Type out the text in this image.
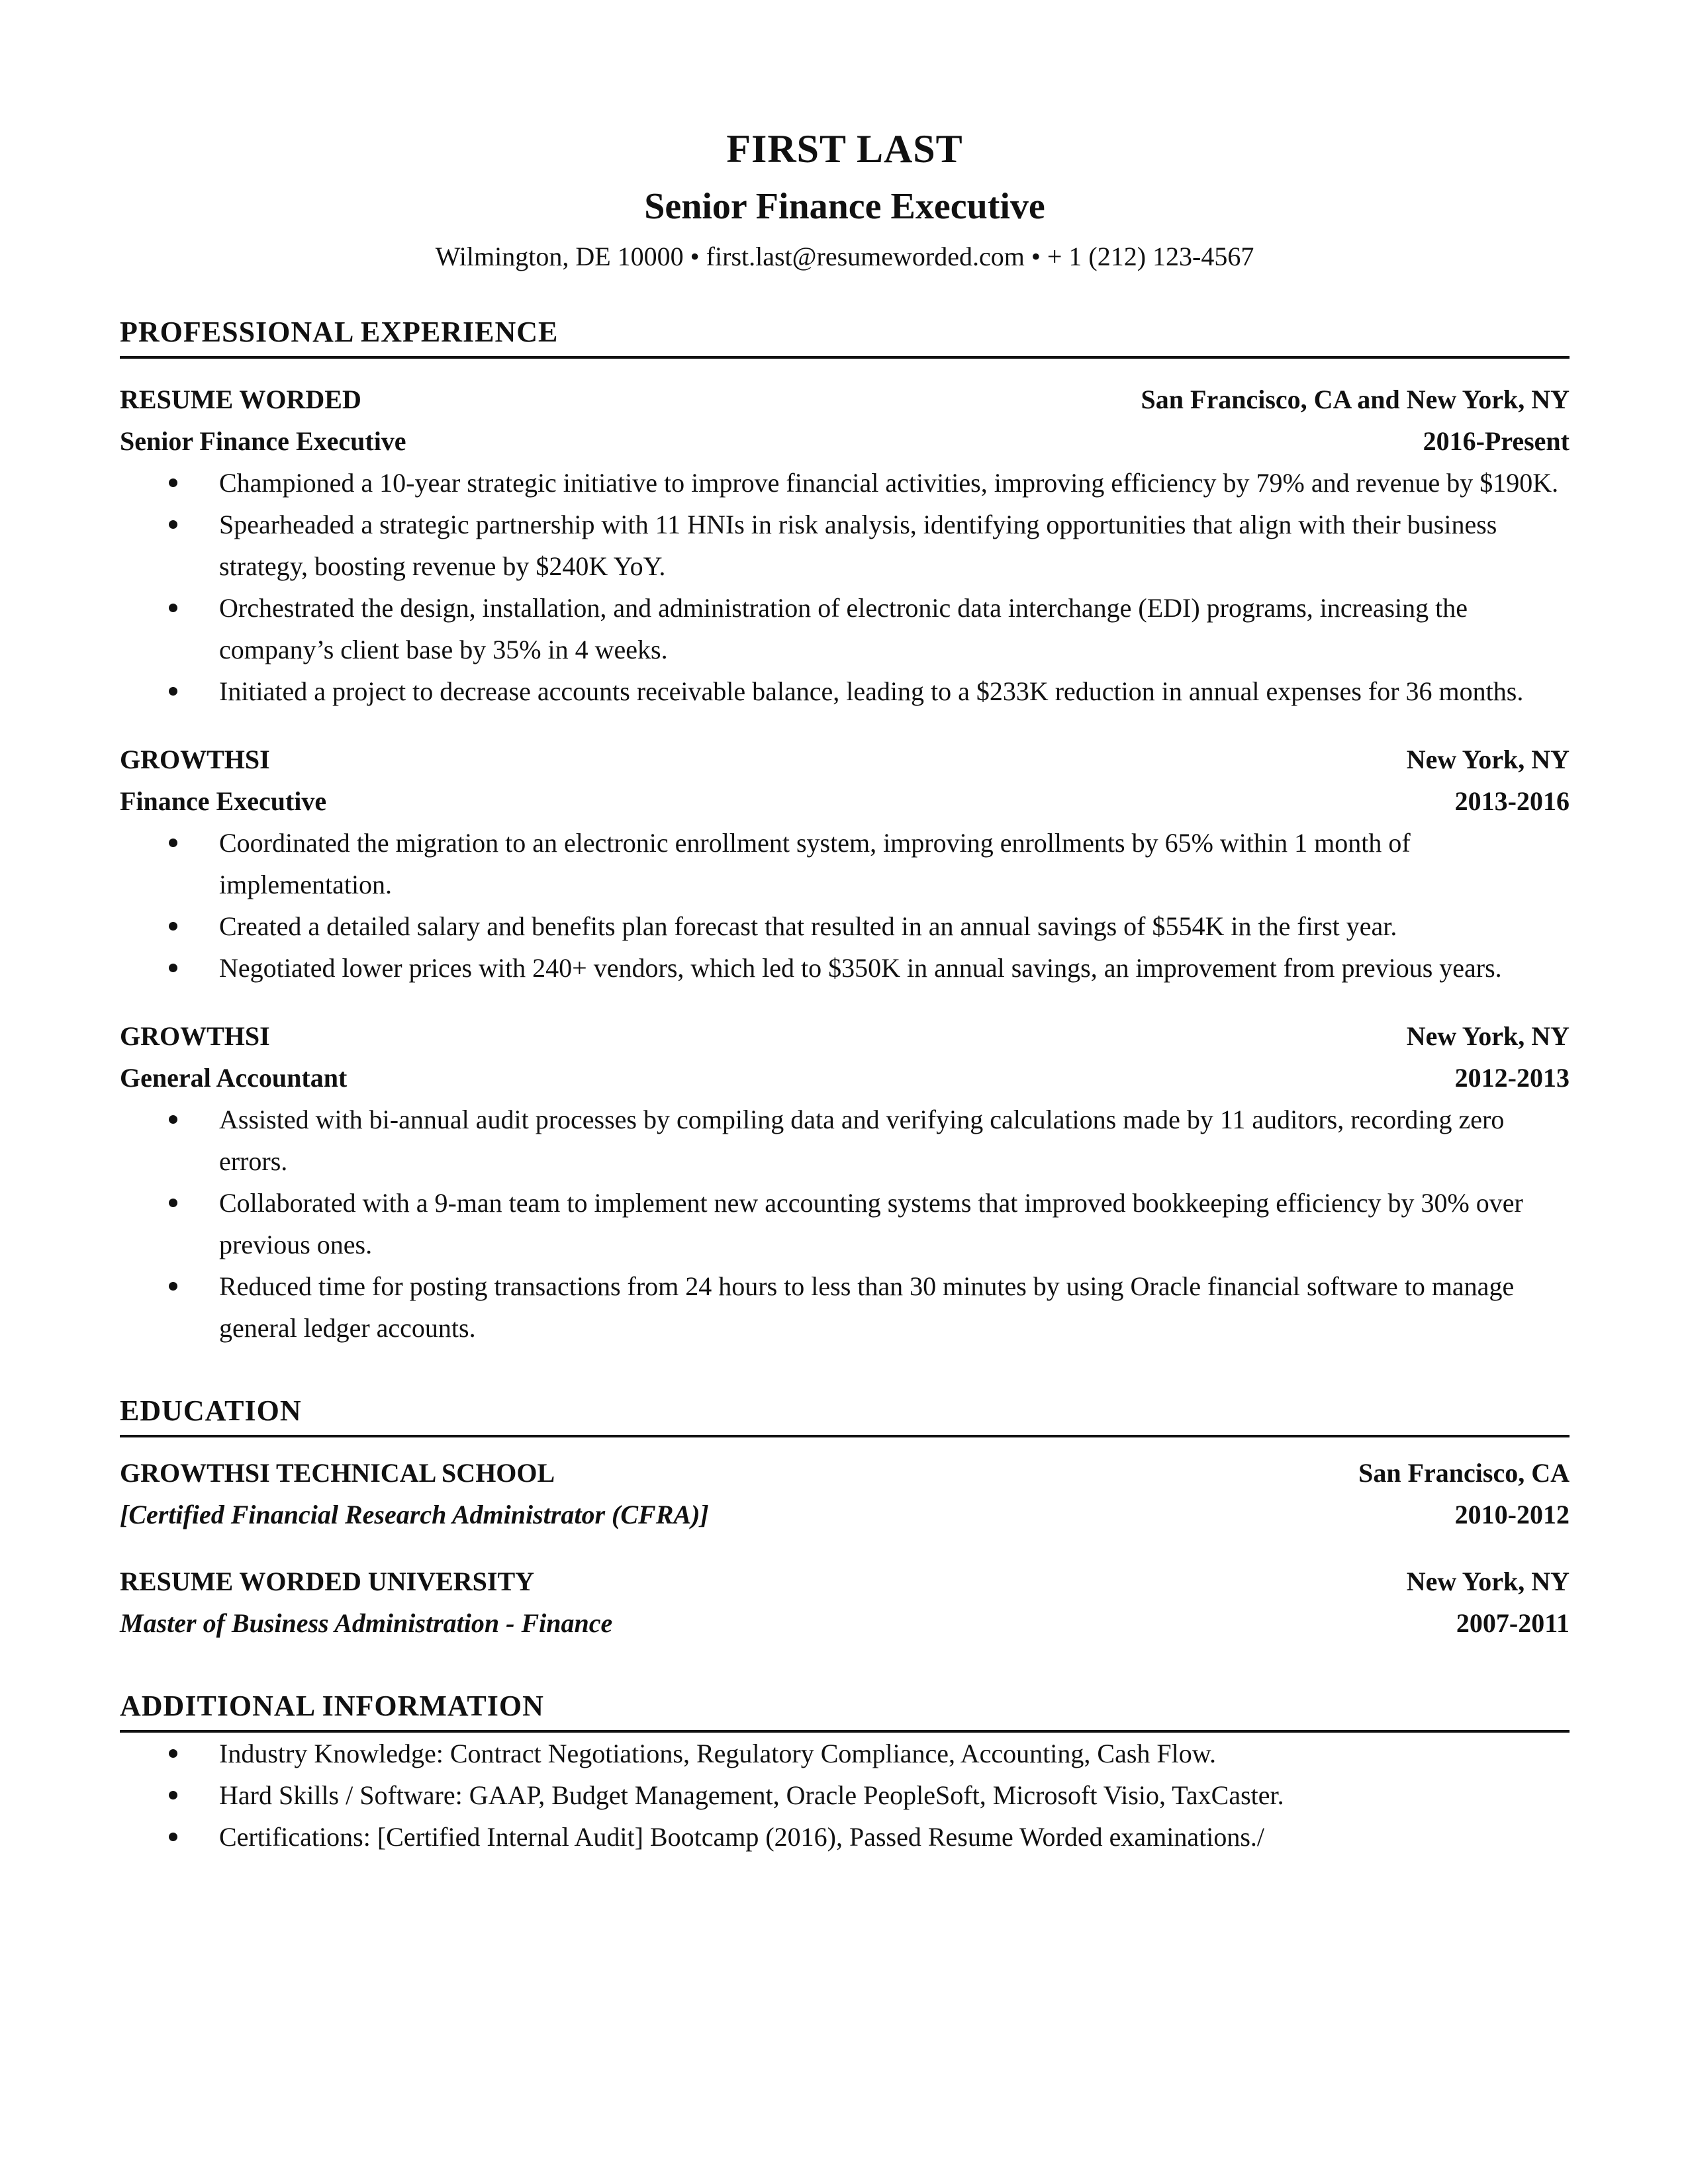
FIRST LAST
Senior Finance Executive
Wilmington, DE 10000 • first.last@resumeworded.com • + 1 (212) 123-4567
PROFESSIONAL EXPERIENCE
RESUME WORDED	San Francisco, CA and New York, NY
Senior Finance Executive	2016-Present
Championed a 10-year strategic initiative to improve financial activities, improving efficiency by 79% and revenue by $190K.
Spearheaded a strategic partnership with 11 HNIs in risk analysis, identifying opportunities that align with their business strategy, boosting revenue by $240K YoY.
Orchestrated the design, installation, and administration of electronic data interchange (EDI) programs, increasing the company’s client base by 35% in 4 weeks.
Initiated a project to decrease accounts receivable balance, leading to a $233K reduction in annual expenses for 36 months.
GROWTHSI	New York, NY
Finance Executive	2013-2016
Coordinated the migration to an electronic enrollment system, improving enrollments by 65% within 1 month of implementation.
Created a detailed salary and benefits plan forecast that resulted in an annual savings of $554K in the first year.
Negotiated lower prices with 240+ vendors, which led to $350K in annual savings, an improvement from previous years.
GROWTHSI	New York, NY
General Accountant	2012-2013
Assisted with bi-annual audit processes by compiling data and verifying calculations made by 11 auditors, recording zero errors.
Collaborated with a 9-man team to implement new accounting systems that improved bookkeeping efficiency by 30% over previous ones.
Reduced time for posting transactions from 24 hours to less than 30 minutes by using Oracle financial software to manage general ledger accounts.
EDUCATION
GROWTHSI TECHNICAL SCHOOL	San Francisco, CA
[Certified Financial Research Administrator (CFRA)]	2010-2012
RESUME WORDED UNIVERSITY	New York, NY
Master of Business Administration - Finance	2007-2011
ADDITIONAL INFORMATION
Industry Knowledge: Contract Negotiations, Regulatory Compliance, Accounting, Cash Flow.
Hard Skills / Software: GAAP, Budget Management, Oracle PeopleSoft, Microsoft Visio, TaxCaster.
Certifications: [Certified Internal Audit] Bootcamp (2016), Passed Resume Worded examinations./
